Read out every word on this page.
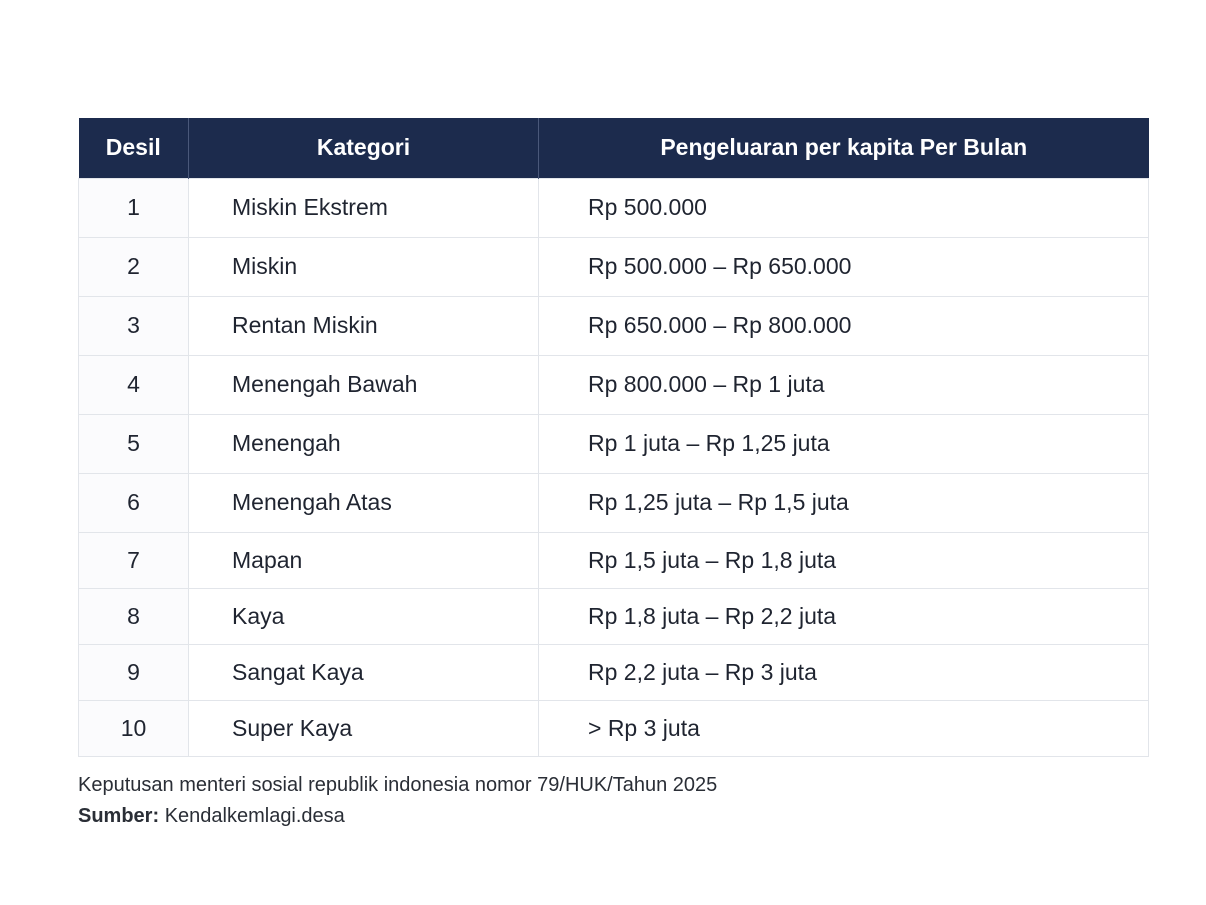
Desil	Kategori	Pengeluaran per kapita Per Bulan
1	Miskin Ekstrem	Rp 500.000
2	Miskin	Rp 500.000 – Rp 650.000
3	Rentan Miskin	Rp 650.000 – Rp 800.000
4	Menengah Bawah	Rp 800.000 – Rp 1 juta
5	Menengah	Rp 1 juta – Rp 1,25 juta
6	Menengah Atas	Rp 1,25 juta – Rp 1,5 juta
7	Mapan	Rp 1,5 juta – Rp 1,8 juta
8	Kaya	Rp 1,8 juta – Rp 2,2 juta
9	Sangat Kaya	Rp 2,2 juta – Rp 3 juta
10	Super Kaya	> Rp 3 juta
Keputusan menteri sosial republik indonesia nomor 79/HUK/Tahun 2025
Sumber: Kendalkemlagi.desa
